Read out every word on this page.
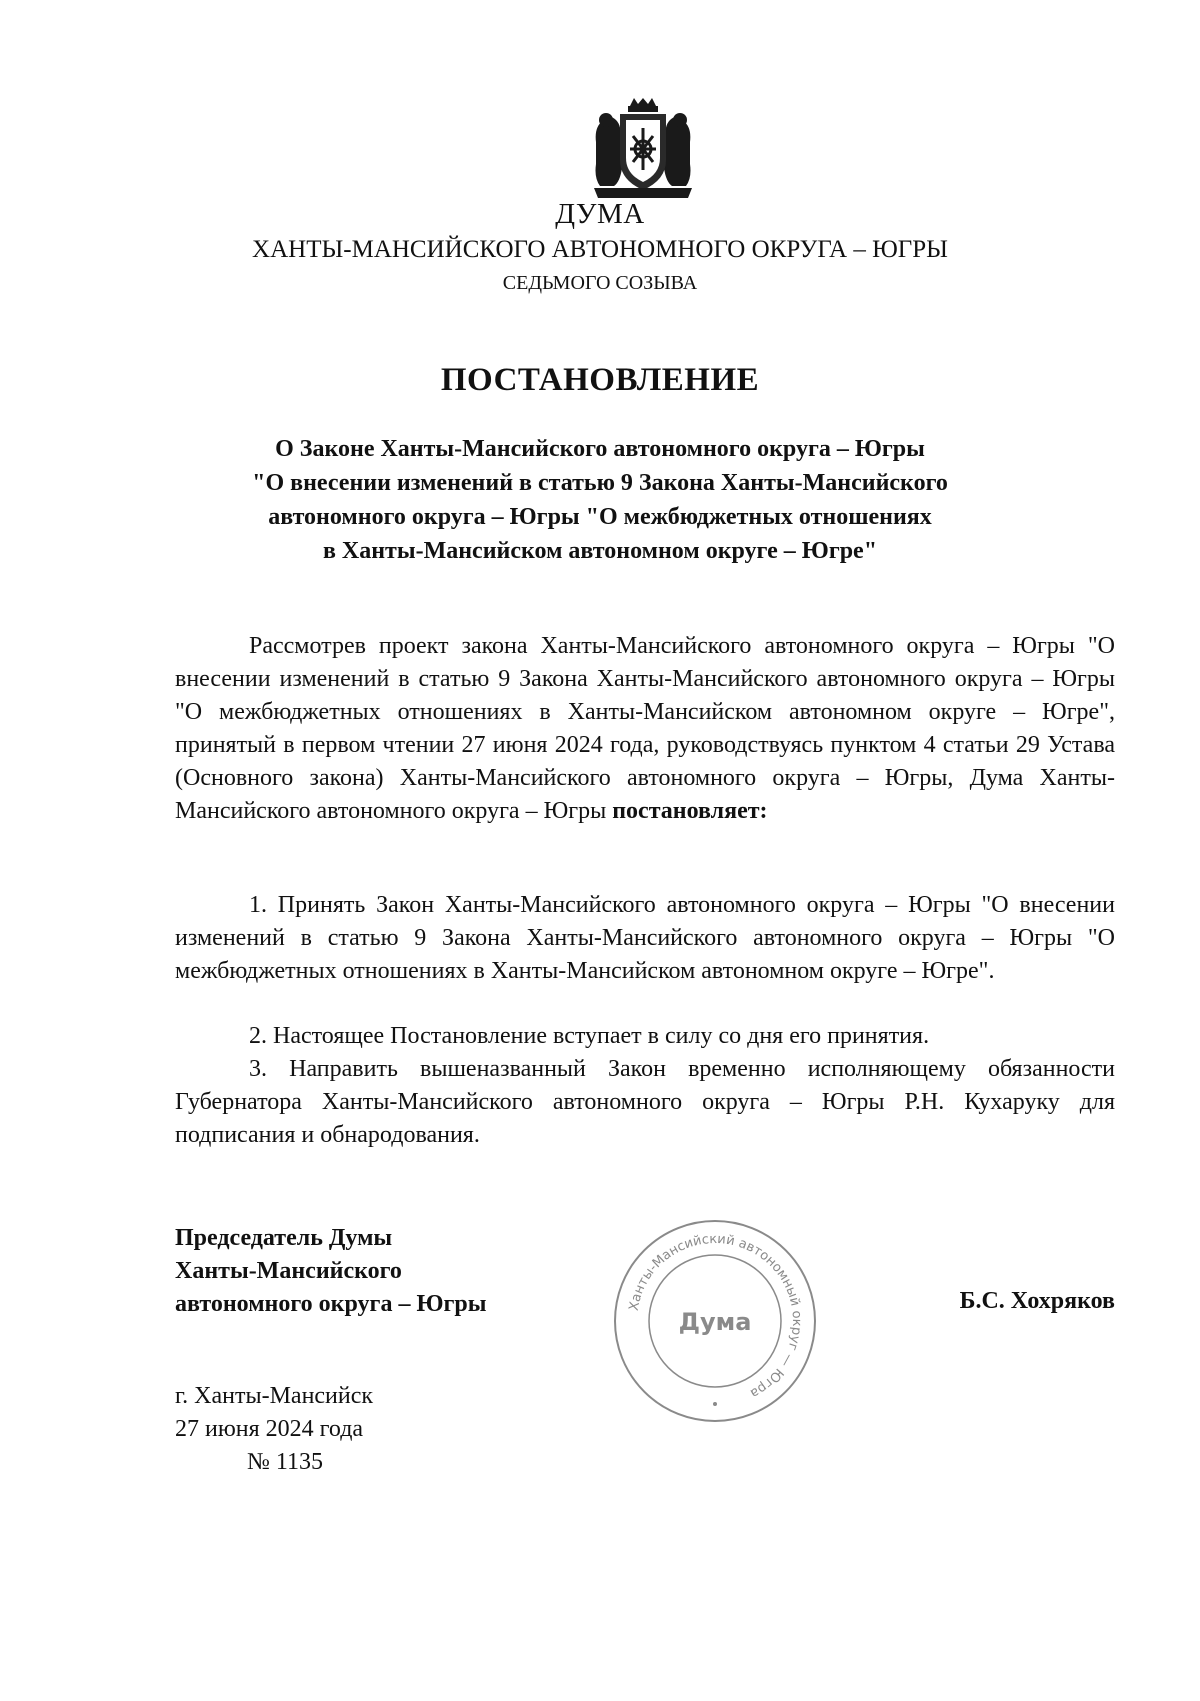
ДУМА
ХАНТЫ-МАНСИЙСКОГО АВТОНОМНОГО ОКРУГА – ЮГРЫ
СЕДЬМОГО СОЗЫВА
ПОСТАНОВЛЕНИЕ
О Законе Ханты-Мансийского автономного округа – Югры
"О внесении изменений в статью 9 Закона Ханты-Мансийского
автономного округа – Югры "О межбюджетных отношениях
в Ханты-Мансийском автономном округе – Югре"
Рассмотрев проект закона Ханты-Мансийского автономного округа – Югры "О внесении изменений в статью 9 Закона Ханты-Мансийского автономного округа – Югры "О межбюджетных отношениях в Ханты-Мансийском автономном округе – Югре", принятый в первом чтении 27 июня 2024 года, руководствуясь пунктом 4 статьи 29 Устава (Основного закона) Ханты-Мансийского автономного округа – Югры, Дума Ханты-Мансийского автономного округа – Югры постановляет:
1. Принять Закон Ханты-Мансийского автономного округа – Югры "О внесении изменений в статью 9 Закона Ханты-Мансийского автономного округа – Югры "О межбюджетных отношениях в Ханты-Мансийском автономном округе – Югре".
2. Настоящее Постановление вступает в силу со дня его принятия.
3. Направить вышеназванный Закон временно исполняющему обязанности Губернатора Ханты-Мансийского автономного округа – Югры Р.Н. Кухаруку для подписания и обнародования.
Председатель Думы
Ханты-Мансийского
автономного округа – Югры	Ханты-Мансийский автономный округ — Югра
Дума
Б.С. Хохряков
г. Ханты-Мансийск
27 июня 2024 года
№ 1135
